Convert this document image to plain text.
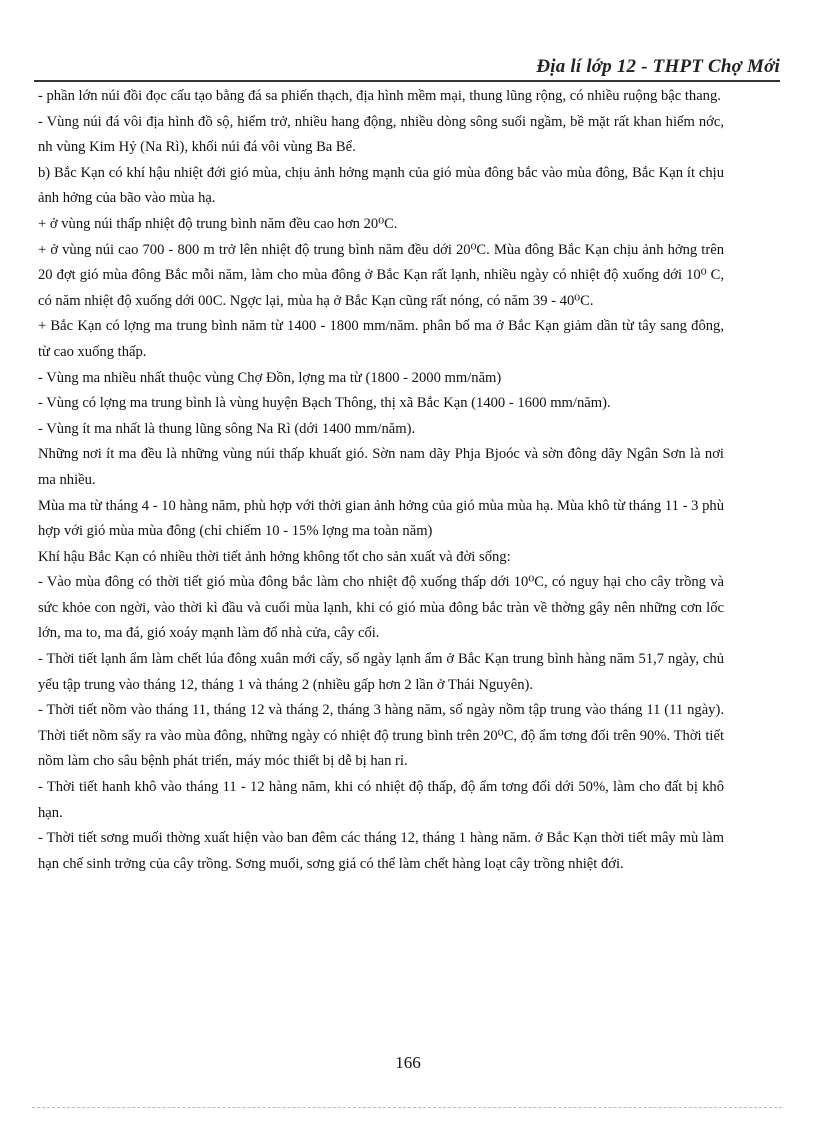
Địa lí lớp 12 - THPT Chợ Mới

- phần lớn núi đồi đọc cấu tạo bằng đá sa phiến thạch, địa hình mềm mại, thung lũng rộng, có nhiều ruộng bậc thang.

- Vùng núi đá vôi địa hình đồ sộ, hiểm trở, nhiều hang động, nhiều dòng sông suối ngầm, bề mặt rất khan hiếm nớc, nh vùng Kim Hỷ (Na Rì), khối núi đá vôi vùng Ba Bể.

b) Bắc Kạn có khí hậu nhiệt đới gió mùa, chịu ảnh hởng mạnh của gió mùa đông bắc vào mùa đông, Bắc Kạn ít chịu ảnh hởng của bão vào mùa hạ.

+ ở vùng núi thấp nhiệt độ trung bình năm đều cao hơn 20⁰C.

+ ở vùng núi cao 700 - 800 m trở lên nhiệt độ trung bình năm đều dới 20⁰C. Mùa đông Bắc Kạn chịu ảnh hởng trên 20 đợt gió mùa đông Bắc mỗi năm, làm cho mùa đông ở Bắc Kạn rất lạnh, nhiều ngày có nhiệt độ xuống dới 10⁰ C, có năm nhiệt độ xuống dới 00C. Ngợc lại, mùa hạ ở Bắc Kạn cũng rất nóng, có năm 39 - 40⁰C.

+ Bắc Kạn có lợng ma trung bình năm từ 1400 - 1800 mm/năm. phân bố ma ở Bắc Kạn giảm dần từ tây sang đông, từ cao xuống thấp.

- Vùng ma nhiều nhất thuộc vùng Chợ Đồn, lợng ma từ (1800 - 2000 mm/năm)

- Vùng có lợng ma trung bình là vùng huyện Bạch Thông, thị xã Bắc Kạn (1400 - 1600 mm/năm).

- Vùng ít ma nhất là thung lũng sông Na Rì (dới 1400 mm/năm).

Những nơi ít ma đều là những vùng núi thấp khuất gió. Sờn nam dãy Phja Bjoóc và sờn đông dãy Ngân Sơn là nơi ma nhiều.

Mùa ma từ tháng 4 - 10 hàng năm, phù hợp với thời gian ảnh hởng của gió mùa mùa hạ. Mùa khô từ tháng 11 - 3 phù hợp với gió mùa mùa đông (chỉ chiếm 10 - 15% lợng ma toàn năm)

Khí hậu Bắc Kạn có nhiều thời tiết ảnh hởng không tốt cho sản xuất và đời sống:

- Vào mùa đông có thời tiết gió mùa đông bắc làm cho nhiệt độ xuống thấp dới 10⁰C, có nguy hại cho cây trồng và sức khỏe con ngời, vào thời kì đầu và cuối mùa lạnh, khi có gió mùa đông bắc tràn về thờng gây nên những cơn lốc lớn, ma to, ma đá, gió xoáy mạnh làm đổ nhà cửa, cây cối.

- Thời tiết lạnh ẩm làm chết lúa đông xuân mới cấy, số ngày lạnh ẩm ở Bắc Kạn trung bình hàng năm 51,7 ngày, chủ yếu tập trung vào tháng 12, tháng 1 và tháng 2 (nhiều gấp hơn 2 lần ở Thái Nguyên).

- Thời tiết nồm vào tháng 11, tháng 12 và tháng 2, tháng 3 hàng năm, số ngày nồm tập trung vào tháng 11 (11 ngày). Thời tiết nồm sẩy ra vào mùa đông, những ngày có nhiệt độ trung bình trên 20⁰C, độ ẩm tơng đối trên 90%. Thời tiết nồm làm cho sâu bệnh phát triển, máy móc thiết bị dễ bị han rỉ.

- Thời tiết hanh khô vào tháng 11 - 12 hàng năm, khi có nhiệt độ thấp, độ ẩm tơng đối dới 50%, làm cho đất bị khô hạn.

- Thời tiết sơng muối thờng xuất hiện vào ban đêm các tháng 12, tháng 1 hàng năm. ở Bắc Kạn thời tiết mây mù làm hạn chế sinh trởng của cây trồng. Sơng muối, sơng giá có thể làm chết hàng loạt cây trồng nhiệt đới.

166
